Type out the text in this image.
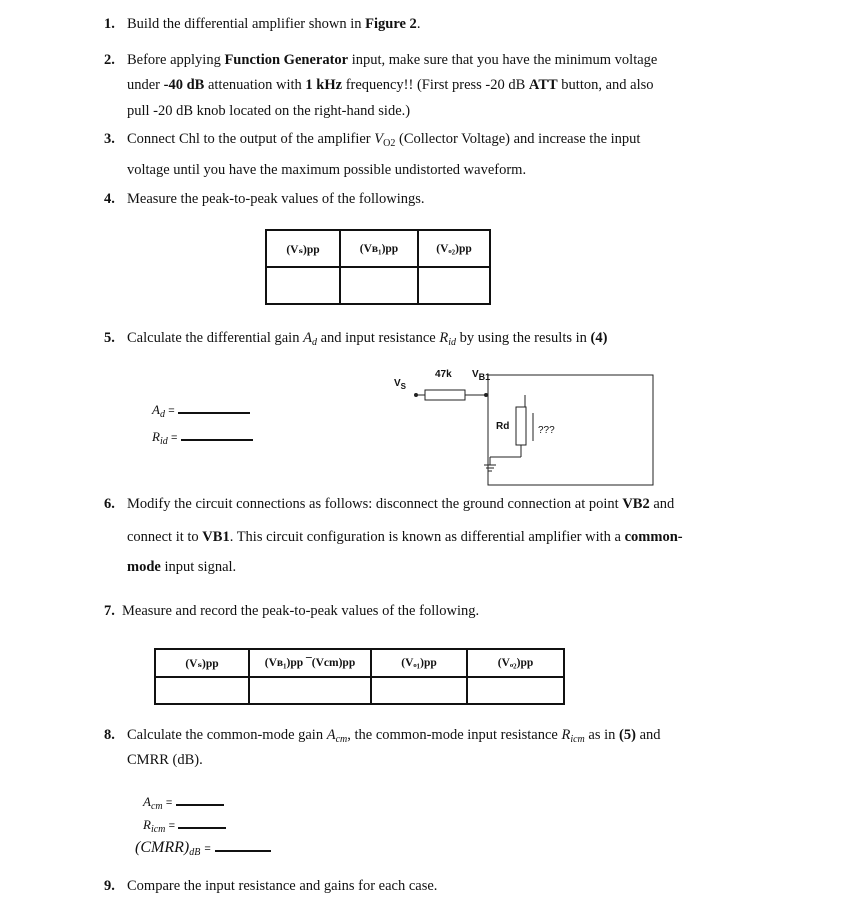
1. Build the differential amplifier shown in Figure 2.
2. Before applying Function Generator input, make sure that you have the minimum voltage
under -40 dB attenuation with 1 kHz frequency!! (First press -20 dB ATT button, and also
pull -20 dB knob located on the right-hand side.)
3. Connect Chl to the output of the amplifier $V_{O2}$ (Collector Voltage) and increase the input
voltage until you have the maximum possible undistorted waveform.
4. Measure the peak-to-peak values of the followings.
(Vₛ)pp	(Vʙ₁)pp	(Vₒ₂)pp

5. Calculate the differential gain $A_d$ and input resistance $R_{id}$ by using the results in (4)
$A_d$ =
$R_{id}$ =
$V_S$
47k $V_{B1}$
Rd	???
6. Modify the circuit connections as follows: disconnect the ground connection at point VB2 and
connect it to VB1. This circuit configuration is known as differential amplifier with a common-
mode input signal.
7. Measure and record the peak-to-peak values of the following.
(Vₛ)pp	(Vʙ₁)pp ¯(Vcm)pp	(Vₒ₁)pp	(Vₒ₂)pp

8. Calculate the common-mode gain $A_{cm}$, the common-mode input resistance $R_{icm}$ as in (5) and
CMRR (dB).
$A_{cm}$ =
$R_{icm}$ =
$(CMRR)_{dB}$ =
9. Compare the input resistance and gains for each case.
